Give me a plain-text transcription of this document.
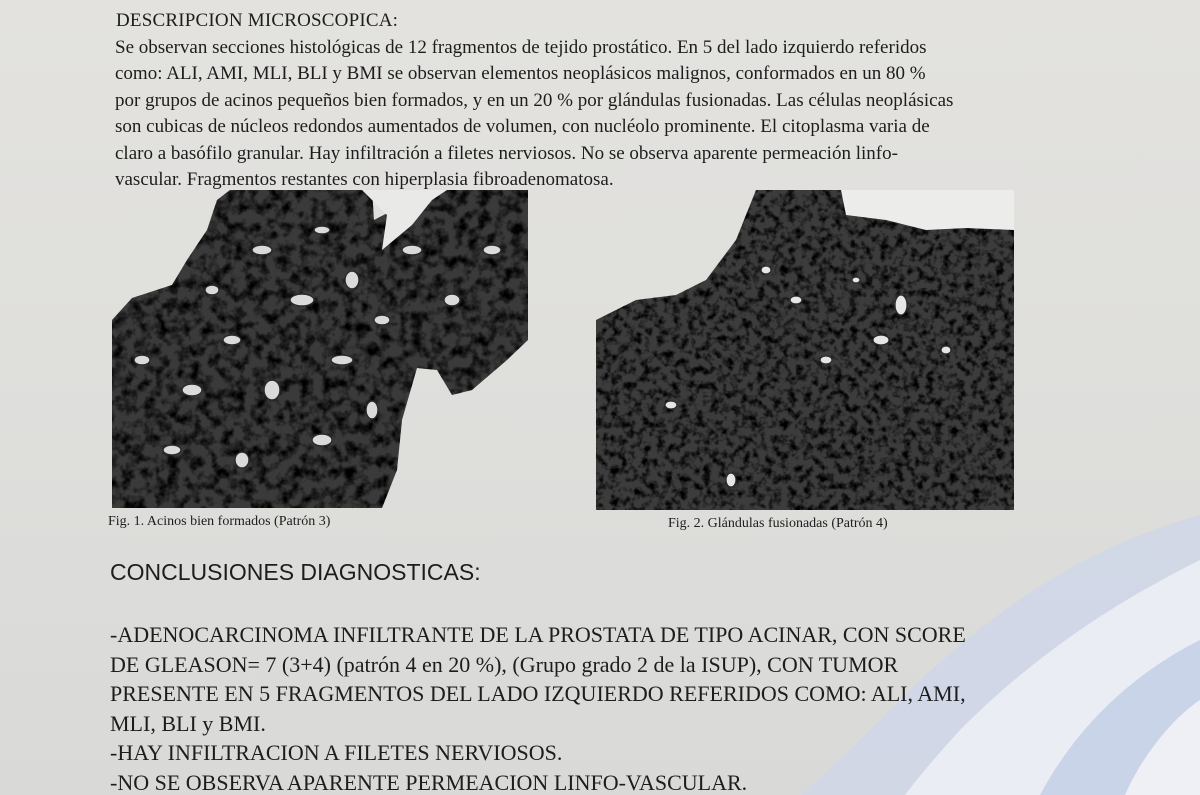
DESCRIPCION MICROSCOPICA:

Se observan secciones histológicas de 12 fragmentos de tejido prostático. En 5 del lado izquierdo referidos
como: ALI, AMI, MLI, BLI y BMI se observan elementos neoplásicos malignos, conformados en un 80 %
por grupos de acinos pequeños bien formados, y en un 20 % por glándulas fusionadas. Las células neoplásicas
son cubicas de núcleos redondos aumentados de volumen, con nucléolo prominente. El citoplasma varia de
claro a basófilo granular. Hay infiltración a filetes nerviosos. No se observa aparente permeación linfo-
vascular. Fragmentos restantes con hiperplasia fibroadenomatosa.

Fig. 1. Acinos bien formados (Patrón 3)	Fig. 2. Glándulas fusionadas (Patrón 4)

CONCLUSIONES DIAGNOSTICAS:

-ADENOCARCINOMA INFILTRANTE DE LA PROSTATA DE TIPO ACINAR, CON SCORE
DE GLEASON= 7 (3+4) (patrón 4 en 20 %), (Grupo grado 2 de la ISUP), CON TUMOR
PRESENTE EN 5 FRAGMENTOS DEL LADO IZQUIERDO REFERIDOS COMO: ALI, AMI,
MLI, BLI y BMI.
-HAY INFILTRACION A FILETES NERVIOSOS.
-NO SE OBSERVA APARENTE PERMEACION LINFO-VASCULAR.
